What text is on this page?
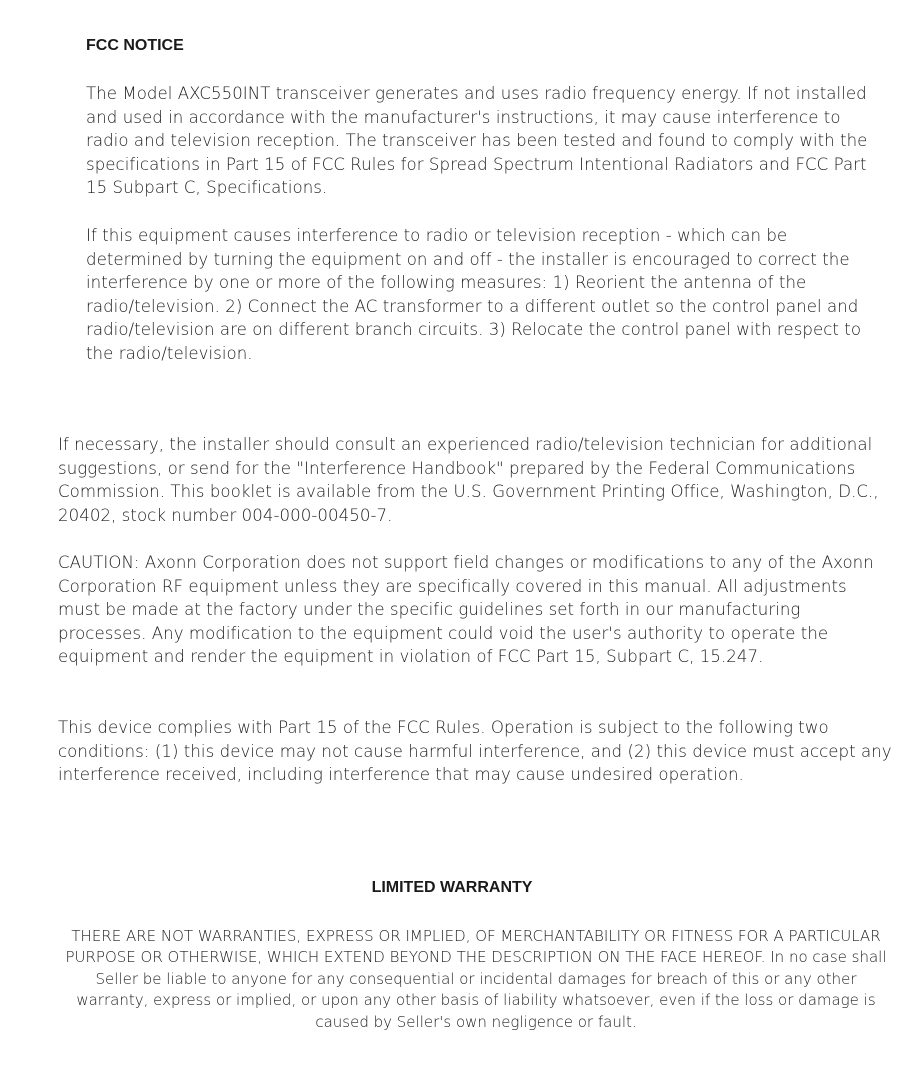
FCC NOTICE

The Model AXC550INT transceiver generates and uses radio frequency energy. If not installed and used in accordance with the manufacturer's instructions, it may cause interference to radio and television reception. The transceiver has been tested and found to comply with the specifications in Part 15 of FCC Rules for Spread Spectrum Intentional Radiators and FCC Part 15 Subpart C, Specifications.

If this equipment causes interference to radio or television reception - which can be determined by turning the equipment on and off - the installer is encouraged to correct the interference by one or more of the following measures: 1) Reorient the antenna of the radio/television. 2) Connect the AC transformer to a different outlet so the control panel and radio/television are on different branch circuits. 3) Relocate the control panel with respect to the radio/television.

If necessary, the installer should consult an experienced radio/television technician for additional suggestions, or send for the "Interference Handbook" prepared by the Federal Communications Commission. This booklet is available from the U.S. Government Printing Office, Washington, D.C., 20402, stock number 004-000-00450-7.

CAUTION: Axonn Corporation does not support field changes or modifications to any of the Axonn Corporation RF equipment unless they are specifically covered in this manual. All adjustments must be made at the factory under the specific guidelines set forth in our manufacturing processes. Any modification to the equipment could void the user's authority to operate the equipment and render the equipment in violation of FCC Part 15, Subpart C, 15.247.

This device complies with Part 15 of the FCC Rules. Operation is subject to the following two conditions: (1) this device may not cause harmful interference, and (2) this device must accept any interference received, including interference that may cause undesired operation.

LIMITED WARRANTY

THERE ARE NOT WARRANTIES, EXPRESS OR IMPLIED, OF MERCHANTABILITY OR FITNESS FOR A PARTICULAR PURPOSE OR OTHERWISE, WHICH EXTEND BEYOND THE DESCRIPTION ON THE FACE HEREOF. In no case shall Seller be liable to anyone for any consequential or incidental damages for breach of this or any other warranty, express or implied, or upon any other basis of liability whatsoever, even if the loss or damage is caused by Seller's own negligence or fault.
